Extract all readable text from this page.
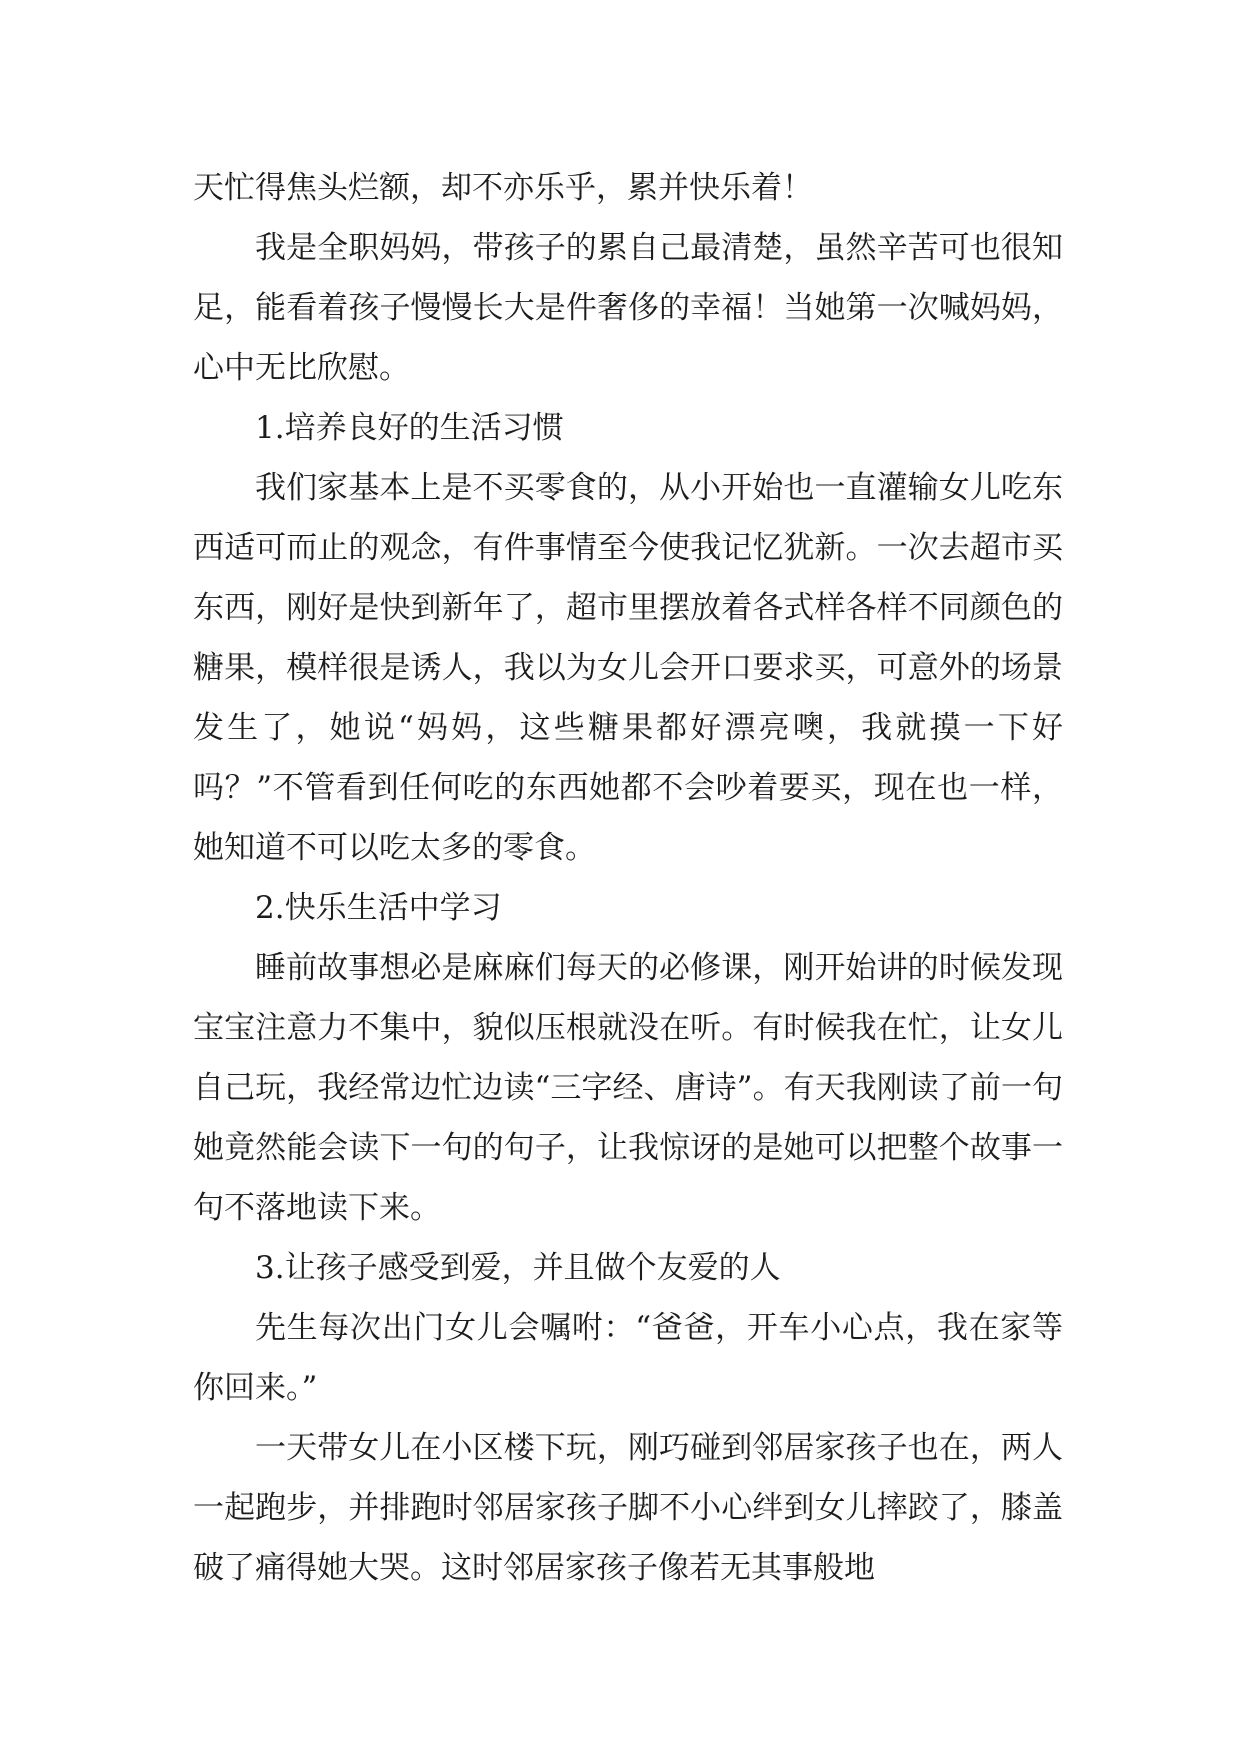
天忙得焦头烂额，却不亦乐乎，累并快乐着！

我是全职妈妈，带孩子的累自己最清楚，虽然辛苦可也很知足，能看着孩子慢慢长大是件奢侈的幸福！当她第一次喊妈妈，心中无比欣慰。

1.培养良好的生活习惯

我们家基本上是不买零食的，从小开始也一直灌输女儿吃东西适可而止的观念，有件事情至今使我记忆犹新。一次去超市买东西，刚好是快到新年了，超市里摆放着各式样各样不同颜色的糖果，模样很是诱人，我以为女儿会开口要求买，可意外的场景发生了，她说“妈妈，这些糖果都好漂亮噢，我就摸一下好吗？”不管看到任何吃的东西她都不会吵着要买，现在也一样，她知道不可以吃太多的零食。

2.快乐生活中学习

睡前故事想必是麻麻们每天的必修课，刚开始讲的时候发现宝宝注意力不集中，貌似压根就没在听。有时候我在忙，让女儿自己玩，我经常边忙边读“三字经、唐诗”。有天我刚读了前一句她竟然能会读下一句的句子，让我惊讶的是她可以把整个故事一句不落地读下来。

3.让孩子感受到爱，并且做个友爱的人

先生每次出门女儿会嘱咐：“爸爸，开车小心点，我在家等你回来。”

一天带女儿在小区楼下玩，刚巧碰到邻居家孩子也在，两人一起跑步，并排跑时邻居家孩子脚不小心绊到女儿摔跤了，膝盖破了痛得她大哭。这时邻居家孩子像若无其事般地
